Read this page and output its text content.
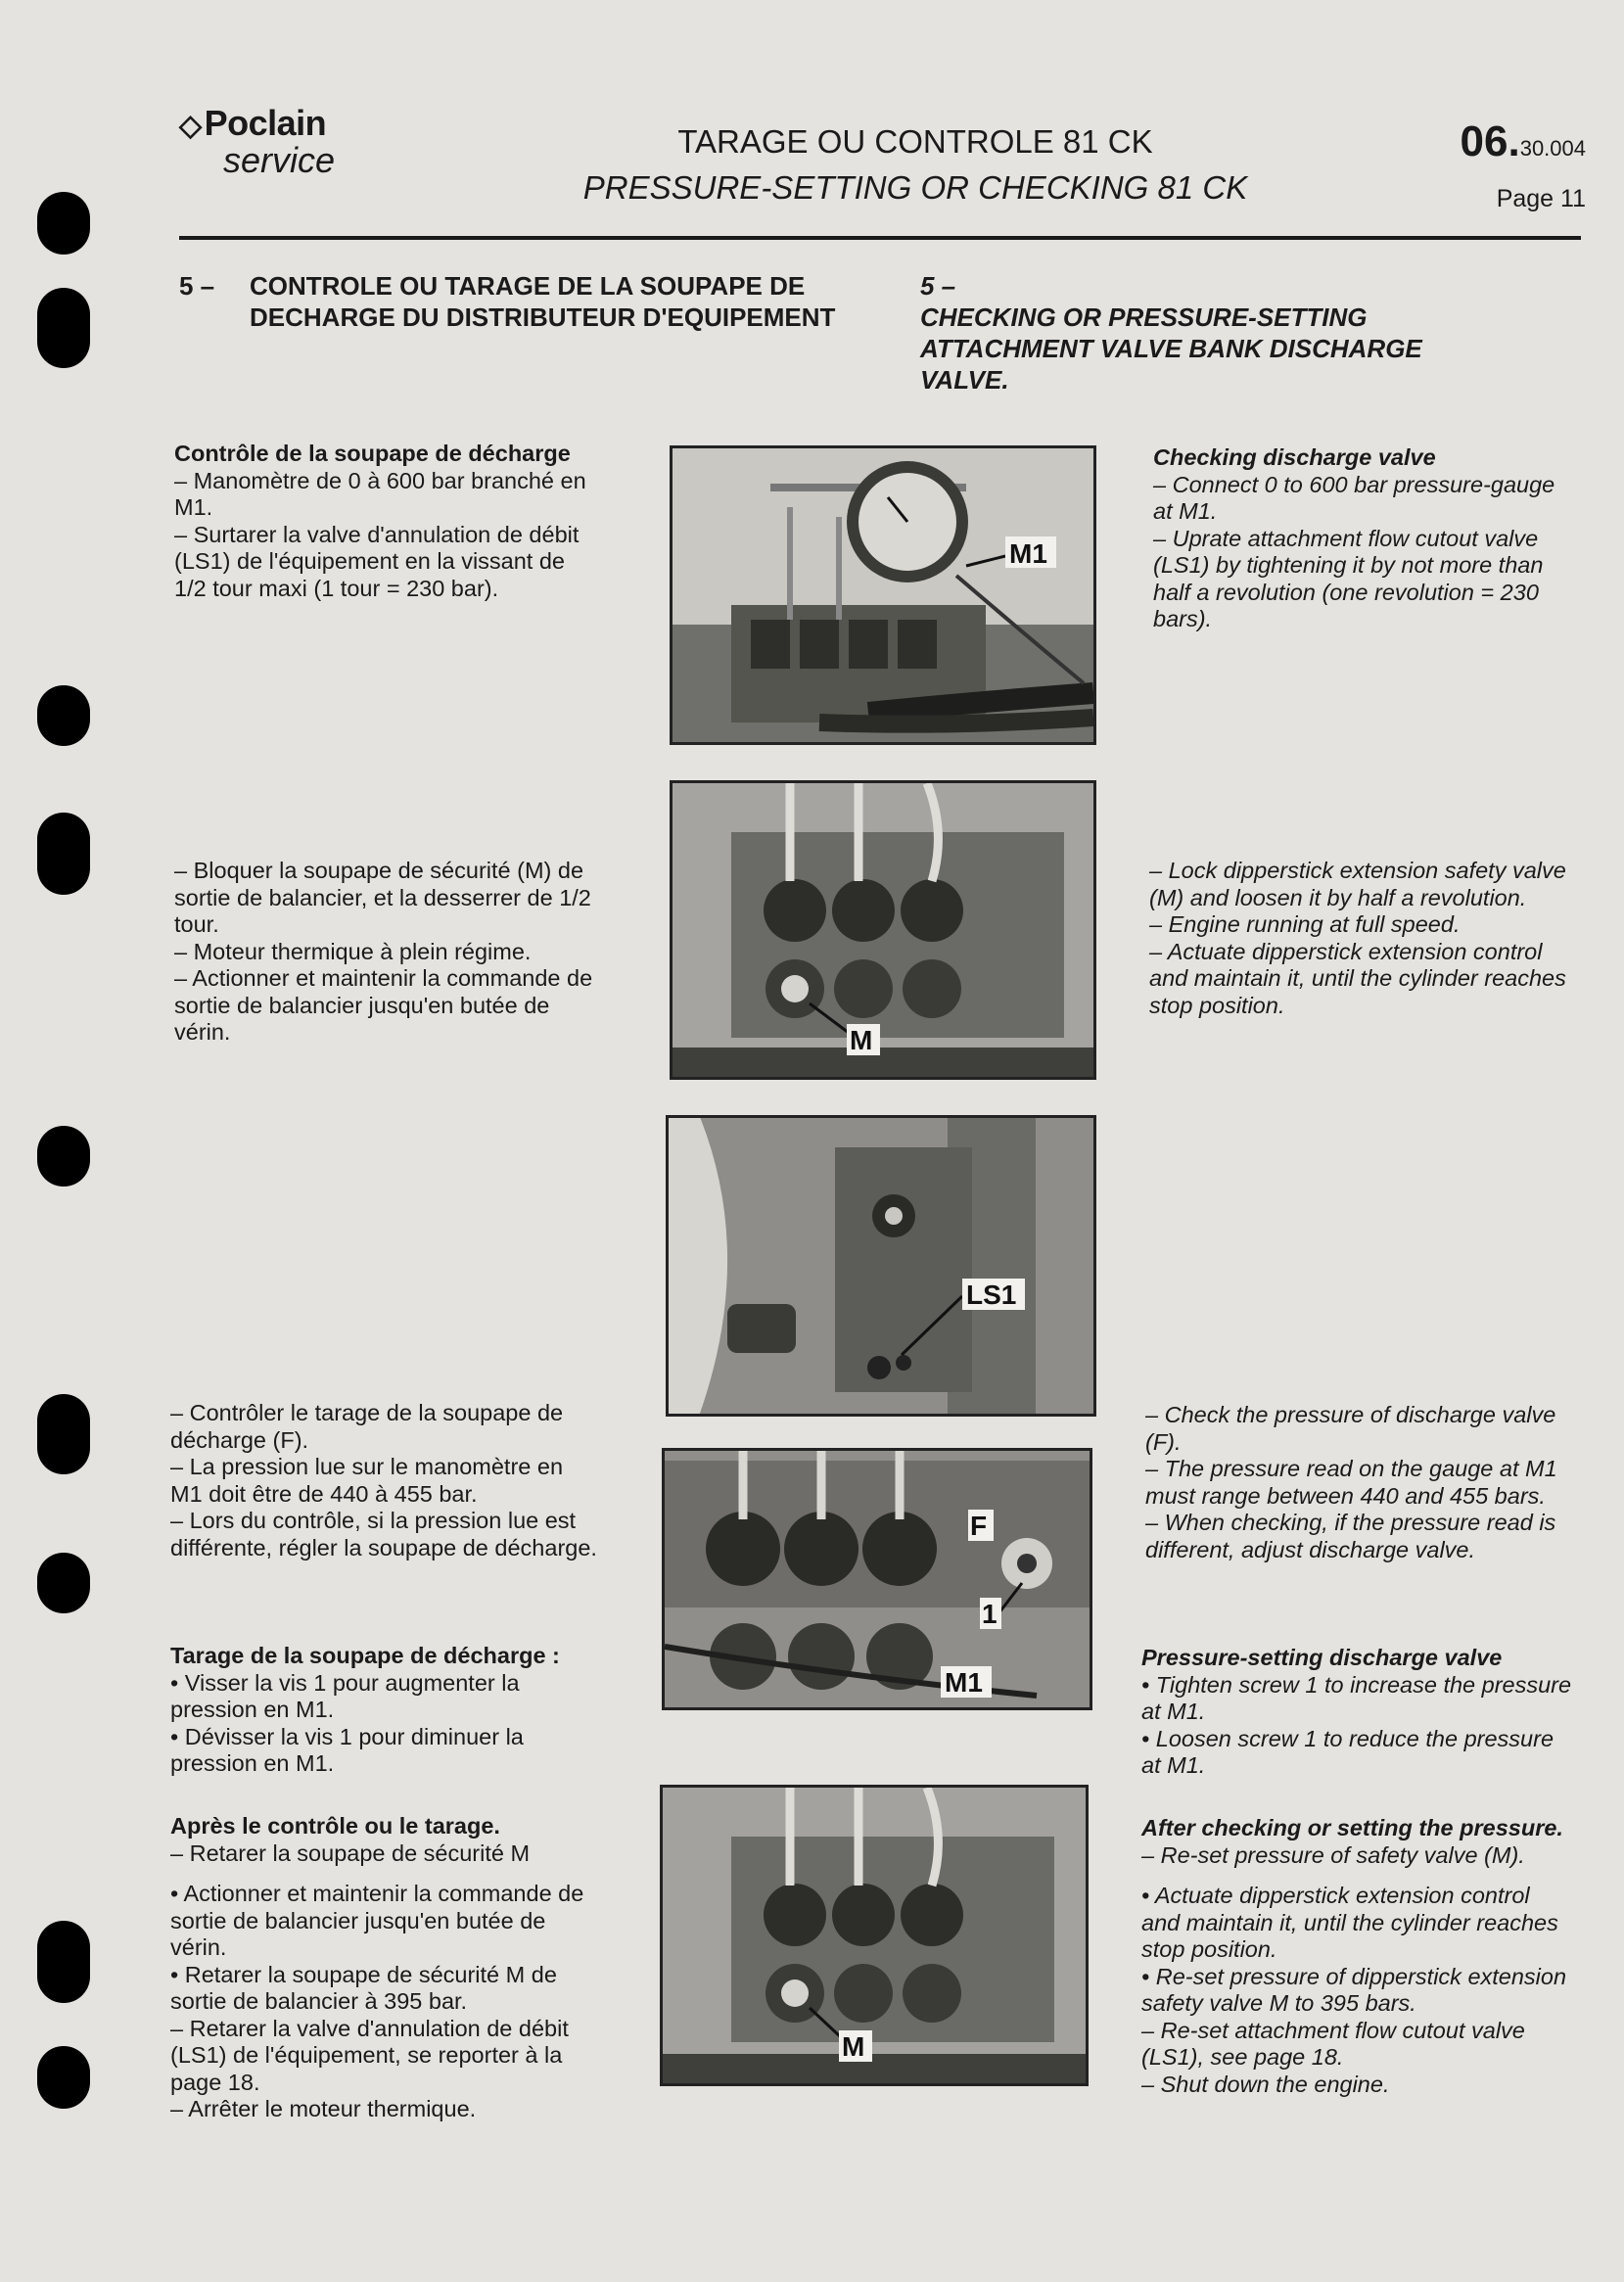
◇Poclain
service	TARAGE OU CONTROLE 81 CK
PRESSURE-SETTING OR CHECKING 81 CK
06.30.004
Page 11
5 – CONTROLE OU TARAGE DE LA SOUPAPE DE DECHARGE DU DISTRIBUTEUR D'EQUIPEMENT
5 –CHECKING OR PRESSURE-SETTING ATTACHMENT VALVE BANK DISCHARGE VALVE.

Contrôle de la soupape de décharge

– Manomètre de 0 à 600 bar branché en M1.

– Surtarer la valve d'annulation de débit (LS1) de l'équipement en la vissant de 1/2 tour maxi (1 tour = 230 bar).

– Bloquer la soupape de sécurité (M) de sortie de balancier, et la desserrer de 1/2 tour.

– Moteur thermique à plein régime.

– Actionner et maintenir la commande de sortie de balancier jusqu'en butée de vérin.

– Contrôler le tarage de la soupape de décharge (F).

– La pression lue sur le manomètre en M1 doit être de 440 à 455 bar.

– Lors du contrôle, si la pression lue est différente, régler la soupape de décharge.

Tarage de la soupape de décharge :

• Visser la vis 1 pour augmenter la pression en M1.

• Dévisser la vis 1 pour diminuer la pression en M1.

Après le contrôle ou le tarage.

– Retarer la soupape de sécurité M

• Actionner et maintenir la commande de sortie de balancier jusqu'en butée de vérin.

• Retarer la soupape de sécurité M de sortie de balancier à 395 bar.

– Retarer la valve d'annulation de débit (LS1) de l'équipement, se reporter à la page 18.

– Arrêter le moteur thermique.

Checking discharge valve

– Connect 0 to 600 bar pressure-gauge at M1.

– Uprate attachment flow cutout valve (LS1) by tightening it by not more than half a revolution (one revolution = 230 bars).

– Lock dipperstick extension safety valve (M) and loosen it by half a revolution.

– Engine running at full speed.

– Actuate dipperstick extension control and maintain it, until the cylinder reaches stop position.

– Check the pressure of discharge valve (F).

– The pressure read on the gauge at M1 must range between 440 and 455 bars.

– When checking, if the pressure read is different, adjust discharge valve.

Pressure-setting discharge valve

• Tighten screw 1 to increase the pressure at M1.

• Loosen screw 1 to reduce the pressure at M1.

After checking or setting the pressure.

– Re-set pressure of safety valve (M).

• Actuate dipperstick extension control and maintain it, until the cylinder reaches stop position.

• Re-set pressure of dipperstick extension safety valve M to 395 bars.

– Re-set attachment flow cutout valve (LS1), see page 18.

– Shut down the engine.

M1
M
LS1
F
1
M1
M
